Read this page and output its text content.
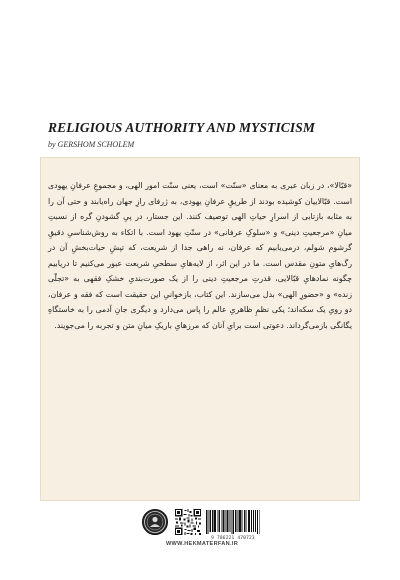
RELIGIOUS AUTHORITY AND MYSTICISM
by GERSHOM SCHOLEM

«قبّالا»، در زبان عبری به معنای «سنّت» است، یعنی سنّت امور الهی، و مجموعِ عرفانِ یهودی است. قبّالاییان کوشیده بودند از طریقِ عرفانِ یهودی، به ژرفای رازِ جهان راه‌یابند و حتی آن را به مثابه بازتابی از اسرارِ حیاتِ الهی توصیف کنند. این جستار، در پیِ گشودنِ گره از نسبتِ میانِ «مرجعیتِ دینی» و «سلوکِ عرفانی» در سنّتِ یهود است. با اتکاء به روش‌شناسیِ دقیقِ گرشوم شولم، درمی‌یابیم که عرفان، نه راهی جدا از شریعت، که تپشِ حیات‌بخشِ آن در رگ‌هایِ متونِ مقدس است. ما در این اثر، از لایه‌هایِ سطحیِ شریعت عبور می‌کنیم تا دریابیم چگونه نمادهایِ قبّالایی، قدرتِ مرجعیتِ دینی را از یک صورت‌بندیِ خشکِ فقهی به «تجلّی زنده» و «حضورِ الهی» بدل می‌سازند. این کتاب، بازخوانیِ این حقیقت است که فقه و عرفان، دو رویِ یک سکه‌اند؛ یکی نظمِ ظاهریِ عالم را پاس می‌دارد و دیگری جانِ آدمی را به خاستگاهِ یگانگی بازمی‌گرداند. دعوتی است برایِ آنان که مرزهایِ باریکِ میانِ متن و تجربه را می‌جویند.

9 786221 470723
WWW.HEKMATERFAN.IR
